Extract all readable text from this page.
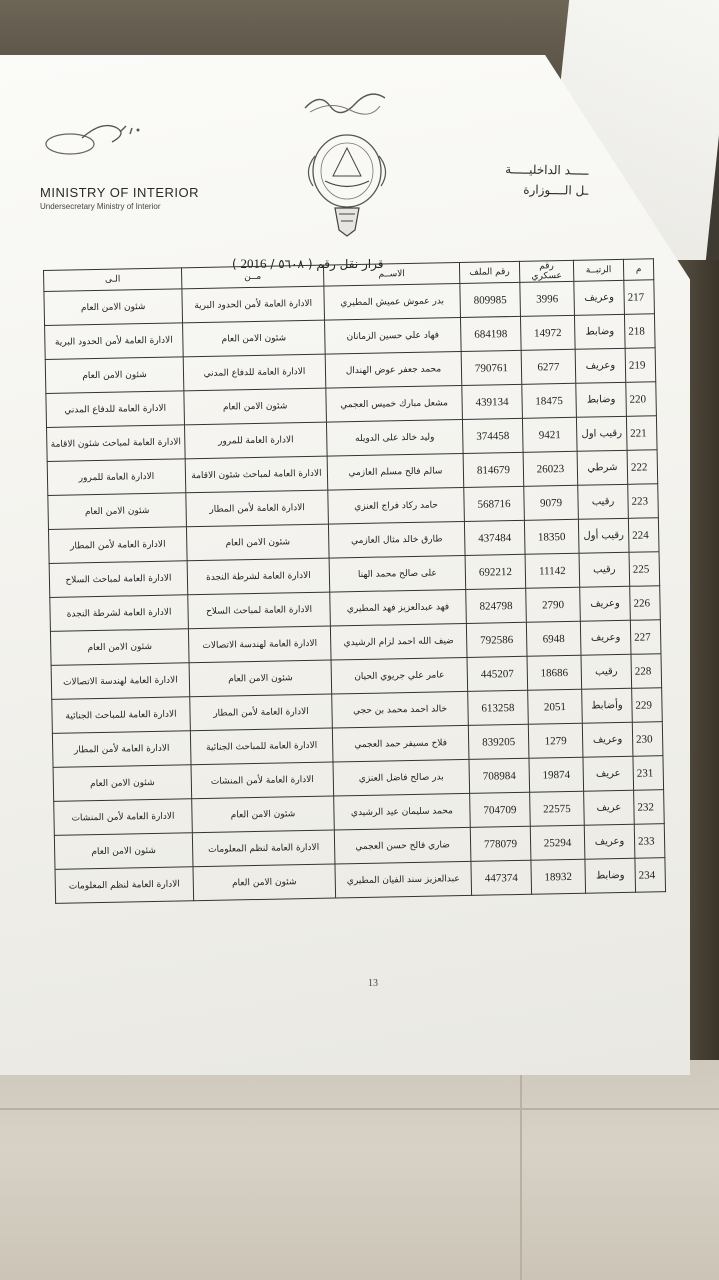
MINISTRY OF INTERIOR
Undersecretary Ministry of Interior
ـــــد الداخليـــــة
ـل الــــوزارة
قرار نقل رقم ( ٥٦٠٨ / 2016 )	م	الرتبــة	رقم عسكري	رقم الملف	الاســم	مــن	الـى
217	وعريف	3996	809985	بدر عموش عميش المطيري	الادارة العامة لأمن الحدود البرية	شئون الامن العام
218	وضابط	14972	684198	فهاد علي حسين الزمانان	شئون الامن العام	الادارة العامة لأمن الحدود البرية
219	وعريف	6277	790761	محمد جعفر عوض الهندال	الادارة العامة للدفاع المدني	شئون الامن العام
220	وضابط	18475	439134	مشعل مبارك خميس العجمي	شئون الامن العام	الادارة العامة للدفاع المدني
221	رقيب اول	9421	374458	وليد خالد على الدويله	الادارة العامة للمرور	الادارة العامة لمباحث شئون الاقامة
222	شرطي	26023	814679	سالم فالح مسلم العازمي	الادارة العامة لمباحث شئون الاقامة	الادارة العامة للمرور
223	رقيب	9079	568716	حامد ركاد فراج العنزي	الادارة العامة لأمن المطار	شئون الامن العام
224	رقيب أول	18350	437484	طارق خالد مثال العازمي	شئون الامن العام	الادارة العامة لأمن المطار
225	رقيب	11142	692212	على صالح محمد الهنا	الادارة العامة لشرطة النجدة	الادارة العامة لمباحث السلاح
226	وعريف	2790	824798	فهد عبدالعزيز فهد المطيري	الادارة العامة لمباحث السلاح	الادارة العامة لشرطة النجدة
227	وعريف	6948	792586	ضيف الله احمد لزام الرشيدي	الادارة العامة لهندسة الاتصالات	شئون الامن العام
228	رقيب	18686	445207	عامر علي جريوي الحيان	شئون الامن العام	الادارة العامة لهندسة الاتصالات
229	وأضابط	2051	613258	خالد احمد محمد بن حجي	الادارة العامة لأمن المطار	الادارة العامة للمباحث الجنائية
230	وعريف	1279	839205	فلاح مسيفر حمد العجمي	الادارة العامة للمباحث الجنائية	الادارة العامة لأمن المطار
231	عريف	19874	708984	بدر صالح فاضل العنزي	الادارة العامة لأمن المنشات	شئون الامن العام
232	عريف	22575	704709	محمد سليمان عيد الرشيدي	شئون الامن العام	الادارة العامة لأمن المنشات
233	وعريف	25294	778079	ضاري فالح حسن العجمي	الادارة العامة لنظم المعلومات	شئون الامن العام
234	وضابط	18932	447374	عبدالعزيز سند الفيان المطيري	شئون الامن العام	الادارة العامة لنظم المعلومات
13
